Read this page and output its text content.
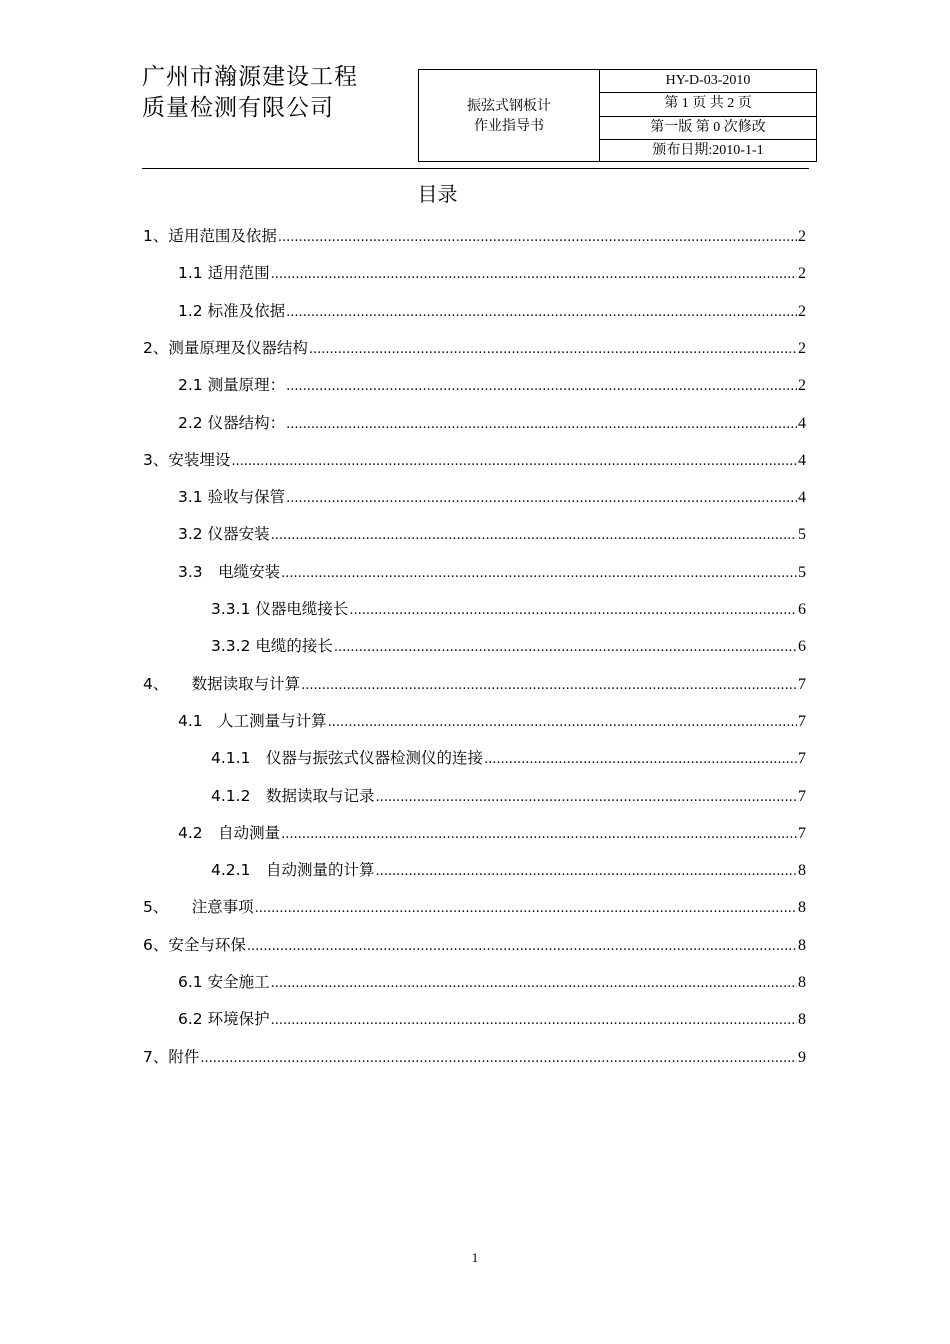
广州市瀚源建设工程
质量检测有限公司	振弦式钢板计
作业指导书
HY-D-03-2010
第 1 页 共 2 页
第一版 第 0 次修改
颁布日期:2010-1-1
目录
1、适用范围及依据 .....	2
1.1 适用范围 .....	2
1.2 标准及依据 .....	2
2、测量原理及仪器结构 .....	2
2.1 测量原理： .....	2
2.2 仪器结构： .....	4
3、安装埋设 .....	4
3.1 验收与保管 .....	4
3.2 仪器安装 .....	5
3.3　电缆安装 .....	5
3.3.1 仪器电缆接长 .....	6
3.3.2 电缆的接长 .....	6
4、　　数据读取与计算 .....	7
4.1　人工测量与计算 .....	7
4.1.1　仪器与振弦式仪器检测仪的连接 .....	7
4.1.2　数据读取与记录 .....	7
4.2　自动测量 .....	7
4.2.1　自动测量的计算 .....	8
5、　　注意事项 .....	8
6、安全与环保 .....	8
6.1 安全施工 .....	8
6.2 环境保护 .....	8
7、附件 .....	9
1
